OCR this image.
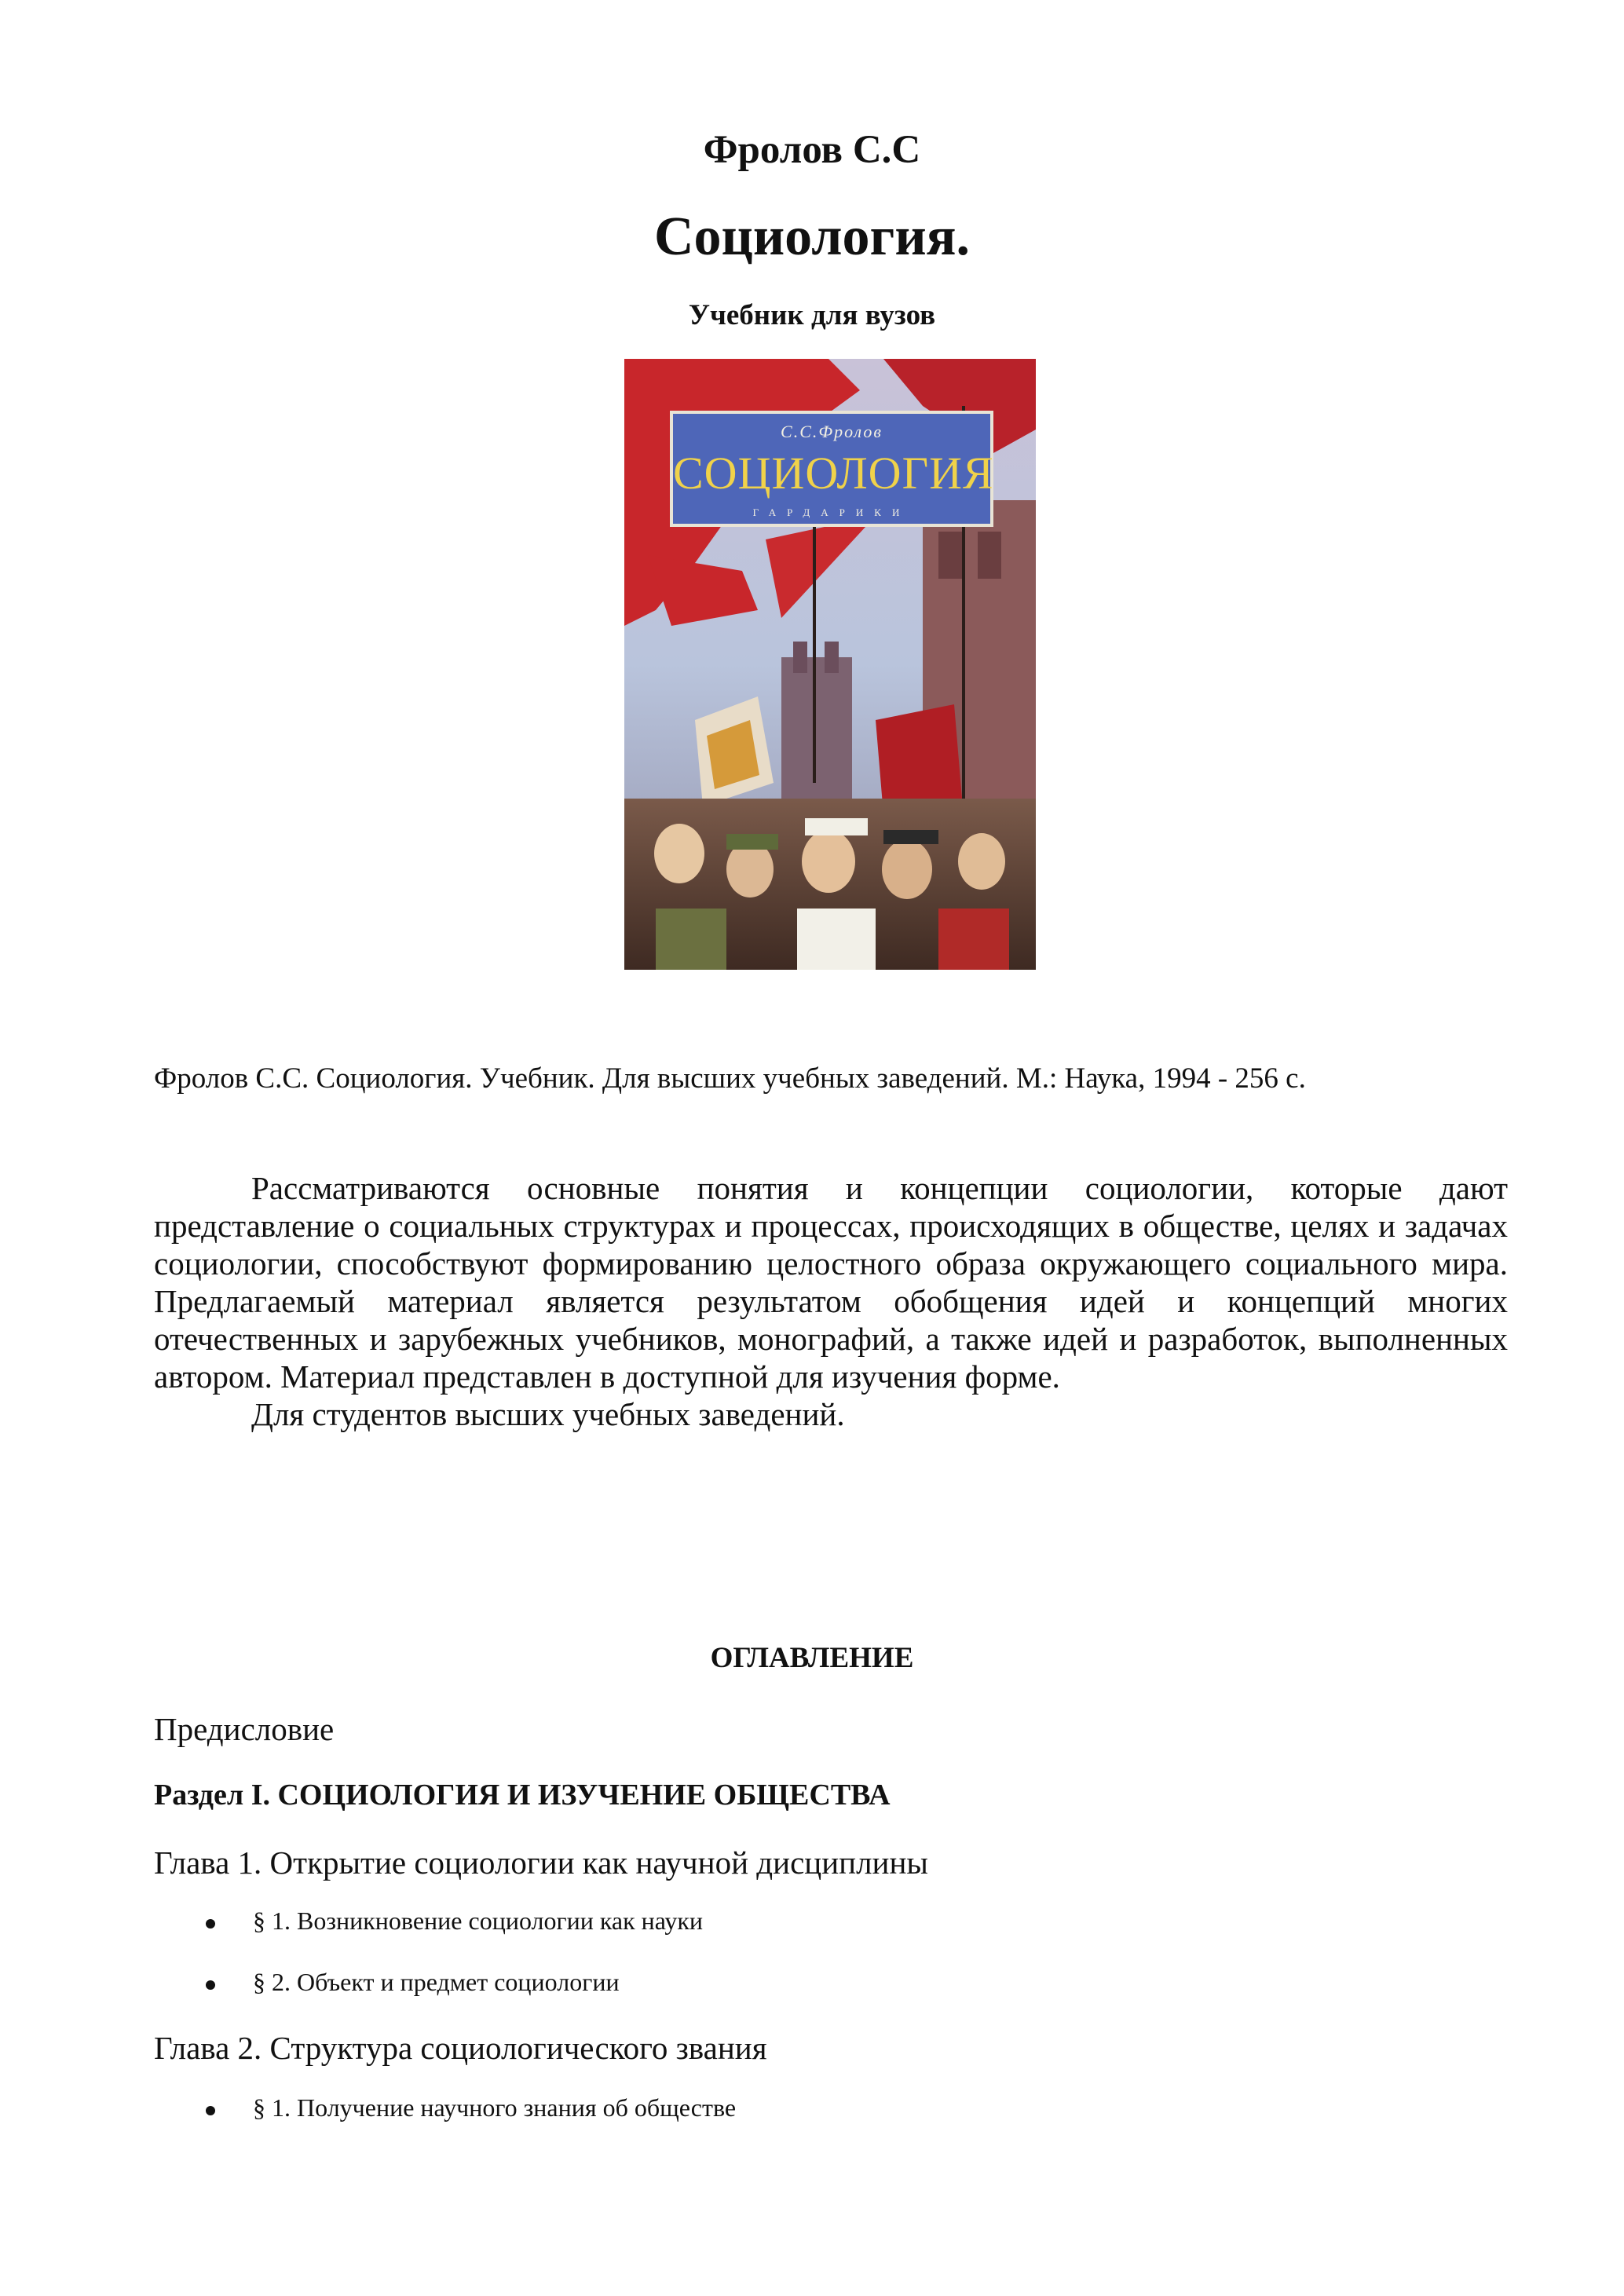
Фролов С.С
Социология.
Учебник для вузов
С.С.Фролов
СОЦИОЛОГИЯ
ГАРДАРИКИ
Фролов С.С. Социология. Учебник. Для высших учебных заведений. М.: Наука, 1994 - 256 с.

Рассматриваются основные понятия и концепции социологии, которые дают представление о социальных структурах и процессах, происходящих в обществе, целях и задачах социологии, способствуют формированию целостного образа окружающего социального мира. Предлагаемый материал является результатом обобщения идей и концепций многих отечественных и зарубежных учебников, монографий, а также идей и разработок, выполненных автором. Материал представлен в доступной для изучения форме.

Для студентов высших учебных заведений.

ОГЛАВЛЕНИЕ
Предисловие
Раздел I. СОЦИОЛОГИЯ И ИЗУЧЕНИЕ ОБЩЕСТВА
Глава 1. Открытие социологии как научной дисциплины
§ 1. Возникновение социологии как науки
§ 2. Объект и предмет социологии
Глава 2. Структура социологического звания
§ 1. Получение научного знания об обществе
